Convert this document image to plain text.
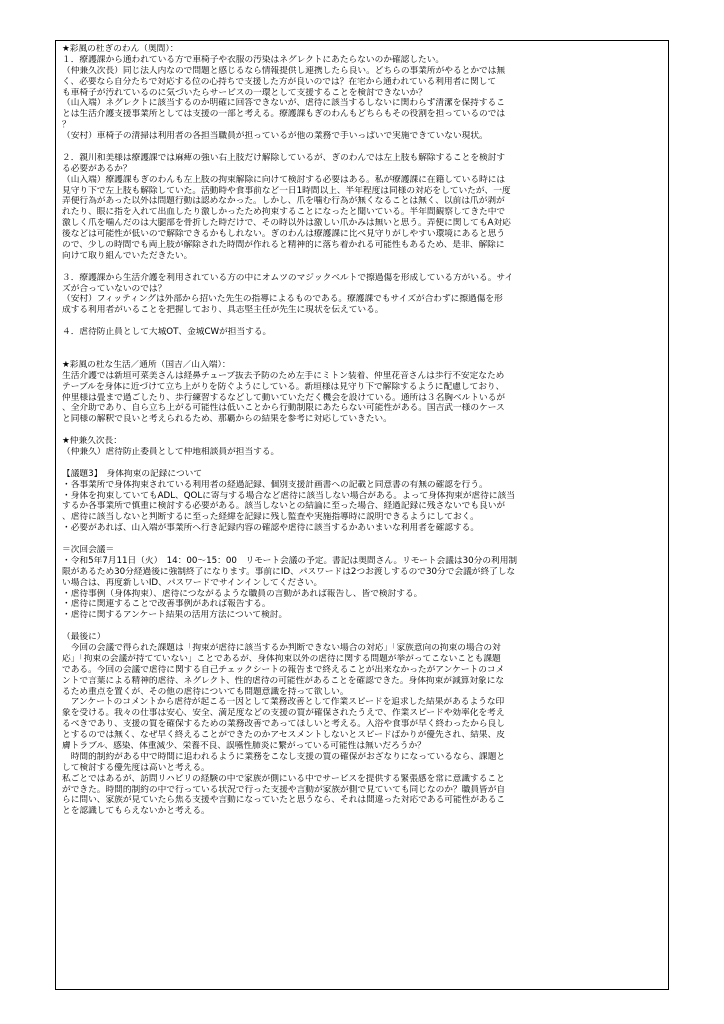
★彩風の杜ぎのわん（奥間）：
１．療護課から通われている方で車椅子や衣服の汚染はネグレクトにあたらないのか確認したい。
（仲兼久次長）同じ法人内なので問題と感じるなら情報提供し連携したら良い。どちらの事業所がやるとかでは無
く、必要なら自分たちで対応する位の心持ちで支援した方が良いのでは？在宅から通われている利用者に関して
も車椅子が汚れているのに気づいたらサービスの一環として支援することを検討できないか？
（山入端）ネグレクトに該当するのか明確に回答できないが、虐待に該当するしないに関わらず清潔を保持するこ
とは生活介護支援事業所としては支援の一部と考える。療護課もぎのわんもどちらもその役割を担っているのでは
？
（安村）車椅子の清掃は利用者の各担当職員が担っているが他の業務で手いっぱいで実施できていない現状。
２．親川和美様は療護課では麻痺の強い右上肢だけ解除しているが、ぎのわんでは左上肢も解除することを検討す
る必要があるか？
（山入端）療護課もぎのわんも左上肢の拘束解除に向けて検討する必要はある。私が療護課に在籍している時には
見守り下で左上肢も解除していた。活動時や食事前など一日1時間以上、半年程度は同様の対応をしていたが、一度
弄便行為があった以外は問題行動は認めなかった。しかし、爪を噛む行為が無くなることは無く、以前は爪が剥が
れたり、眼に指を入れて出血したり激しかったため拘束することになったと聞いている。半年間観察してきた中で
激しく爪を噛んだのは大腿部を骨折した時だけで、その時以外は激しい爪かみは無いと思う。弄便に関してもA対応
後などは可能性が低いので解除できるかもしれない。ぎのわんは療護課に比べ見守りがしやすい環境にあると思う
ので、少しの時間でも両上肢が解除された時間が作れると精神的に落ち着かれる可能性もあるため、是非、解除に
向けて取り組んでいただきたい。
３．療護課から生活介護を利用されている方の中にオムツのマジックベルトで擦過傷を形成している方がいる。サイ
ズが合っていないのでは？
（安村）フィッティングは外部から招いた先生の指導によるものである。療護課でもサイズが合わずに擦過傷を形
成する利用者がいることを把握しており、具志堅主任が先生に現状を伝えている。
４．虐待防止員として大城OT、金城CWが担当する。
★彩風の杜な生活／通所（国吉／山入端）：
生活介護では新垣可菜美さんは経鼻チューブ抜去予防のため左手にミトン装着、仲里花音さんは歩行不安定なため
テーブルを身体に近づけて立ち上がりを防ぐようにしている。新垣様は見守り下で解除するように配慮しており、
仲里様は畳まで過ごしたり、歩行練習するなどして動いていただく機会を設けている。通所は３名胸ベルトいるが
、全介助であり、自ら立ち上がる可能性は低いことから行動制限にあたらない可能性がある。国吉武一様のケース
と同様の解釈で良いと考えられるため、那覇からの結果を参考に対応していきたい。
★仲兼久次長：
（仲兼久）虐待防止委員として仲地相談員が担当する。
【議題3】　身体拘束の記録について
・各事業所で身体拘束されている利用者の経過記録、個別支援計画書への記載と同意書の有無の確認を行う。
・身体を拘束していてもADL、QOLに寄与する場合など虐待に該当しない場合がある。よって身体拘束が虐待に該当
するか各事業所で慎重に検討する必要がある。該当しないとの結論に至った場合、経過記録に残さないでも良いが
、虐待に該当しないと判断するに至った経緯を記録に残し監査や実施指導時に説明できるようにしておく。
・必要があれば、山入端が事業所へ行き記録内容の確認や虐待に該当するかあいまいな利用者を確認する。
＝次回会議＝
・令和5年7月11日（火）　14：00～15：00　リモート会議の予定。書記は奥間さん。リモート会議は30分の利用制
限があるため30分経過後に強制終了になります。事前にID、パスワードは2つお渡しするので30分で会議が終了しな
い場合は、再度新しいID、パスワードでサインインしてください。
・虐待事例（身体拘束）、虐待につながるような職員の言動があれば報告し、皆で検討する。
・虐待に関連することで改善事例があれば報告する。
・虐待に関するアンケート結果の活用方法について検討。
（最後に）
　今回の会議で得られた課題は「拘束が虐待に該当するか判断できない場合の対応」「家族意向の拘束の場合の対
応」「拘束の会議が持てていない」ことであるが、身体拘束以外の虐待に関する問題が挙がってこないことも課題
である。今回の会議で虐待に関する自己チェックシートの報告まで終えることが出来なかったがアンケートのコメ
ントで言葉による精神的虐待、ネグレクト、性的虐待の可能性があることを確認できた。身体拘束が減算対象にな
るため重点を置くが、その他の虐待についても問題意識を持って欲しい。
　アンケートのコメントから虐待が起こる一因として業務改善として作業スピードを追求した結果があるような印
象を受ける。我々の仕事は安心、安全、満足度などの支援の質が確保されたうえで、作業スピードや効率化を考え
るべきであり、支援の質を確保するための業務改善であってほしいと考える。入浴や食事が早く終わったから良し
とするのでは無く、なぜ早く終えることができたのかアセスメントしないとスピードばかりが優先され、結果、皮
膚トラブル、感染、体重減少、栄養不良、誤嚥性肺炎に繋がっている可能性は無いだろうか？
　時間的制約がある中で時間に追われるように業務をこなし支援の質の確保がおざなりになっているなら、課題と
して検討する優先度は高いと考える。
私ごとではあるが、訪問リハビリの経験の中で家族が側にいる中でサービスを提供する緊張感を常に意識すること
ができた。時間的制約の中で行っている状況で行った支援や言動が家族が側で見ていても同じなのか？職員皆が自
らに問い、家族が見ていたら焦る支援や言動になっていたと思うなら、それは間違った対応である可能性があるこ
とを認識してもらえないかと考える。
